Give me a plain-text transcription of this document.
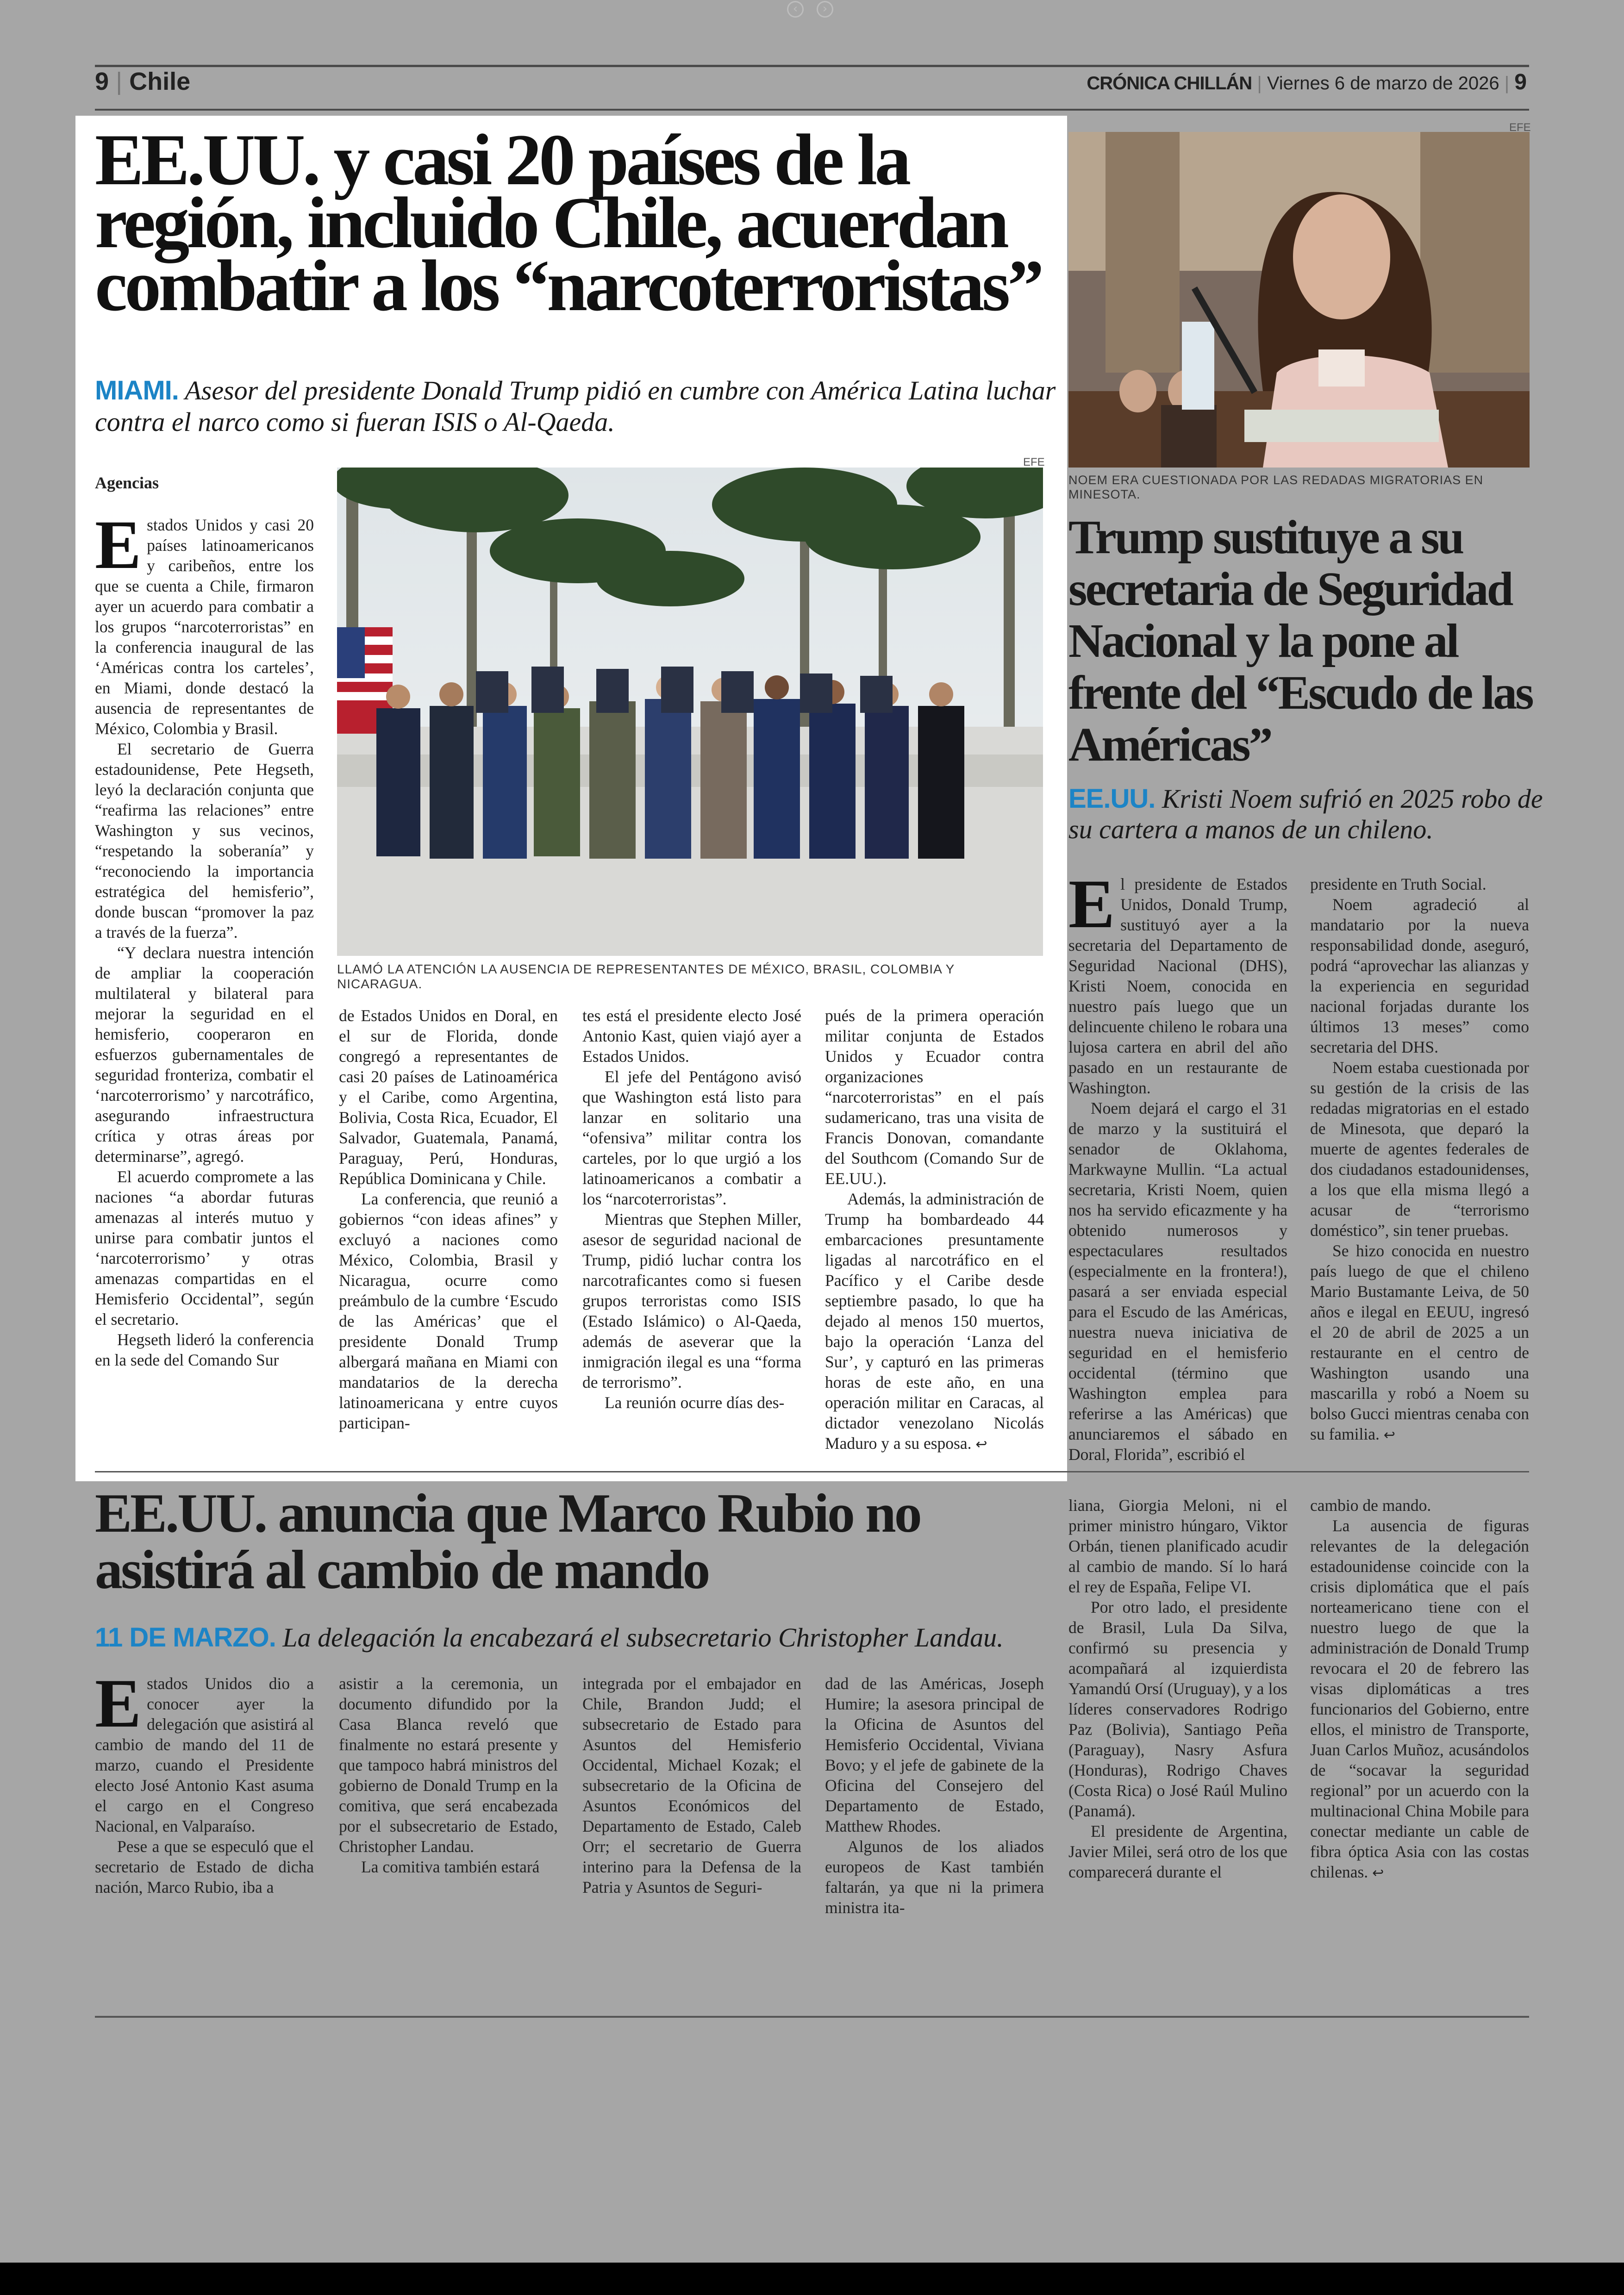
‹	›
9 | Chile	CRÓNICA CHILLÁN | Viernes 6 de marzo de 2026 | 9
EE.UU. y casi 20 países de la región, incluido Chile, acuerdan combatir a los “narcoterroristas”
MIAMI. Asesor del presidente Donald Trump pidió en cumbre con América Latina luchar contra el narco como si fueran ISIS o Al-Qaeda.
Agencias
EFE
LLAMÓ LA ATENCIÓN LA AUSENCIA DE REPRESENTANTES DE MÉXICO, BRASIL, COLOMBIA Y NICARAGUA.

Estados Unidos y casi 20 países latinoamericanos y caribeños, entre los que se cuenta a Chile, firmaron ayer un acuerdo para combatir a los grupos “narcoterroristas” en la conferencia inaugural de las ‘Américas contra los carteles’, en Miami, donde destacó la ausencia de representantes de México, Colombia y Brasil.

El secretario de Guerra estadounidense, Pete Hegseth, leyó la declaración conjunta que “reafirma las relaciones” entre Washington y sus vecinos, “respetando la soberanía” y “reconociendo la importancia estratégica del hemisferio”, donde buscan “promover la paz a través de la fuerza”.

“Y declara nuestra intención de ampliar la cooperación multilateral y bilateral para mejorar la seguridad en el hemisferio, cooperaron en esfuerzos gubernamentales de seguridad fronteriza, combatir el ‘narcoterrorismo’ y narcotráfico, asegurando infraestructura crítica y otras áreas por determinarse”, agregó.

El acuerdo compromete a las naciones “a abordar futuras amenazas al interés mutuo y unirse para combatir juntos el ‘narcoterrorismo’ y otras amenazas compartidas en el Hemisferio Occidental”, según el secretario.

Hegseth lideró la conferencia en la sede del Comando Sur

de Estados Unidos en Doral, en el sur de Florida, donde congregó a representantes de casi 20 países de Latinoamérica y el Caribe, como Argentina, Bolivia, Costa Rica, Ecuador, El Salvador, Guatemala, Panamá, Paraguay, Perú, Honduras, República Dominicana y Chile.

La conferencia, que reunió a gobiernos “con ideas afines” y excluyó a naciones como México, Colombia, Brasil y Nicaragua, ocurre como preámbulo de la cumbre ‘Escudo de las Américas’ que el presidente Donald Trump albergará mañana en Miami con mandatarios de la derecha latinoamericana y entre cuyos participan-

tes está el presidente electo José Antonio Kast, quien viajó ayer a Estados Unidos.

El jefe del Pentágono avisó que Washington está listo para lanzar en solitario una “ofensiva” militar contra los carteles, por lo que urgió a los latinoamericanos a combatir a los “narcoterroristas”.

Mientras que Stephen Miller, asesor de seguridad nacional de Trump, pidió luchar contra los narcotraficantes como si fuesen grupos terroristas como ISIS (Estado Islámico) o Al-Qaeda, además de aseverar que la inmigración ilegal es una “forma de terrorismo”.

La reunión ocurre días des-

pués de la primera operación militar conjunta de Estados Unidos y Ecuador contra organizaciones “narcoterroristas” en el país sudamericano, tras una visita de Francis Donovan, comandante del Southcom (Comando Sur de EE.UU.).

Además, la administración de Trump ha bombardeado 44 embarcaciones presuntamente ligadas al narcotráfico en el Pacífico y el Caribe desde septiembre pasado, lo que ha dejado al menos 150 muertos, bajo la operación ‘Lanza del Sur’, y capturó en las primeras horas de este año, en una operación militar en Caracas, al dictador venezolano Nicolás Maduro y a su esposa. ↩

EFE
NOEM ERA CUESTIONADA POR LAS REDADAS MIGRATORIAS EN MINESOTA.
Trump sustituye a su secretaria de Seguridad Nacional y la pone al frente del “Escudo de las Américas”
EE.UU. Kristi Noem sufrió en 2025 robo de su cartera a manos de un chileno.

El presidente de Estados Unidos, Donald Trump, sustituyó ayer a la secretaria del Departamento de Seguridad Nacional (DHS), Kristi Noem, conocida en nuestro país luego que un delincuente chileno le robara una lujosa cartera en abril del año pasado en un restaurante de Washington.

Noem dejará el cargo el 31 de marzo y la sustituirá el senador de Oklahoma, Markwayne Mullin. “La actual secretaria, Kristi Noem, quien nos ha servido eficazmente y ha obtenido numerosos y espectaculares resultados (especialmente en la frontera!), pasará a ser enviada especial para el Escudo de las Américas, nuestra nueva iniciativa de seguridad en el hemisferio occidental (término que Washington emplea para referirse a las Américas) que anunciaremos el sábado en Doral, Florida”, escribió el

presidente en Truth Social.

Noem agradeció al mandatario por la nueva responsabilidad donde, aseguró, podrá “aprovechar las alianzas y la experiencia en seguridad nacional forjadas durante los últimos 13 meses” como secretaria del DHS.

Noem estaba cuestionada por su gestión de la crisis de las redadas migratorias en el estado de Minesota, que deparó la muerte de agentes federales de dos ciudadanos estadounidenses, a los que ella misma llegó a acusar de “terrorismo doméstico”, sin tener pruebas.

Se hizo conocida en nuestro país luego de que el chileno Mario Bustamante Leiva, de 50 años e ilegal en EEUU, ingresó el 20 de abril de 2025 a un restaurante en el centro de Washington usando una mascarilla y robó a Noem su bolso Gucci mientras cenaba con su familia. ↩

EE.UU. anuncia que Marco Rubio no asistirá al cambio de mando
11 DE MARZO. La delegación la encabezará el subsecretario Christopher Landau.

Estados Unidos dio a conocer ayer la delegación que asistirá al cambio de mando del 11 de marzo, cuando el Presidente electo José Antonio Kast asuma el cargo en el Congreso Nacional, en Valparaíso.

Pese a que se especuló que el secretario de Estado de dicha nación, Marco Rubio, iba a

asistir a la ceremonia, un documento difundido por la Casa Blanca reveló que finalmente no estará presente y que tampoco habrá ministros del gobierno de Donald Trump en la comitiva, que será encabezada por el subsecretario de Estado, Christopher Landau.

La comitiva también estará

integrada por el embajador en Chile, Brandon Judd; el subsecretario de Estado para Asuntos del Hemisferio Occidental, Michael Kozak; el subsecretario de la Oficina de Asuntos Económicos del Departamento de Estado, Caleb Orr; el secretario de Guerra interino para la Defensa de la Patria y Asuntos de Seguri-

dad de las Américas, Joseph Humire; la asesora principal de la Oficina de Asuntos del Hemisferio Occidental, Viviana Bovo; y el jefe de gabinete de la Oficina del Consejero del Departamento de Estado, Matthew Rhodes.

Algunos de los aliados europeos de Kast también faltarán, ya que ni la primera ministra ita-

liana, Giorgia Meloni, ni el primer ministro húngaro, Viktor Orbán, tienen planificado acudir al cambio de mando. Sí lo hará el rey de España, Felipe VI.

Por otro lado, el presidente de Brasil, Lula Da Silva, confirmó su presencia y acompañará al izquierdista Yamandú Orsí (Uruguay), y a los líderes conservadores Rodrigo Paz (Bolivia), Santiago Peña (Paraguay), Nasry Asfura (Honduras), Rodrigo Chaves (Costa Rica) o José Raúl Mulino (Panamá).

El presidente de Argentina, Javier Milei, será otro de los que comparecerá durante el

cambio de mando.

La ausencia de figuras relevantes de la delegación estadounidense coincide con la crisis diplomática que el país norteamericano tiene con el nuestro luego de que la administración de Donald Trump revocara el 20 de febrero las visas diplomáticas a tres funcionarios del Gobierno, entre ellos, el ministro de Transporte, Juan Carlos Muñoz, acusándolos de “socavar la seguridad regional” por un acuerdo con la multinacional China Mobile para conectar mediante un cable de fibra óptica Asia con las costas chilenas. ↩
